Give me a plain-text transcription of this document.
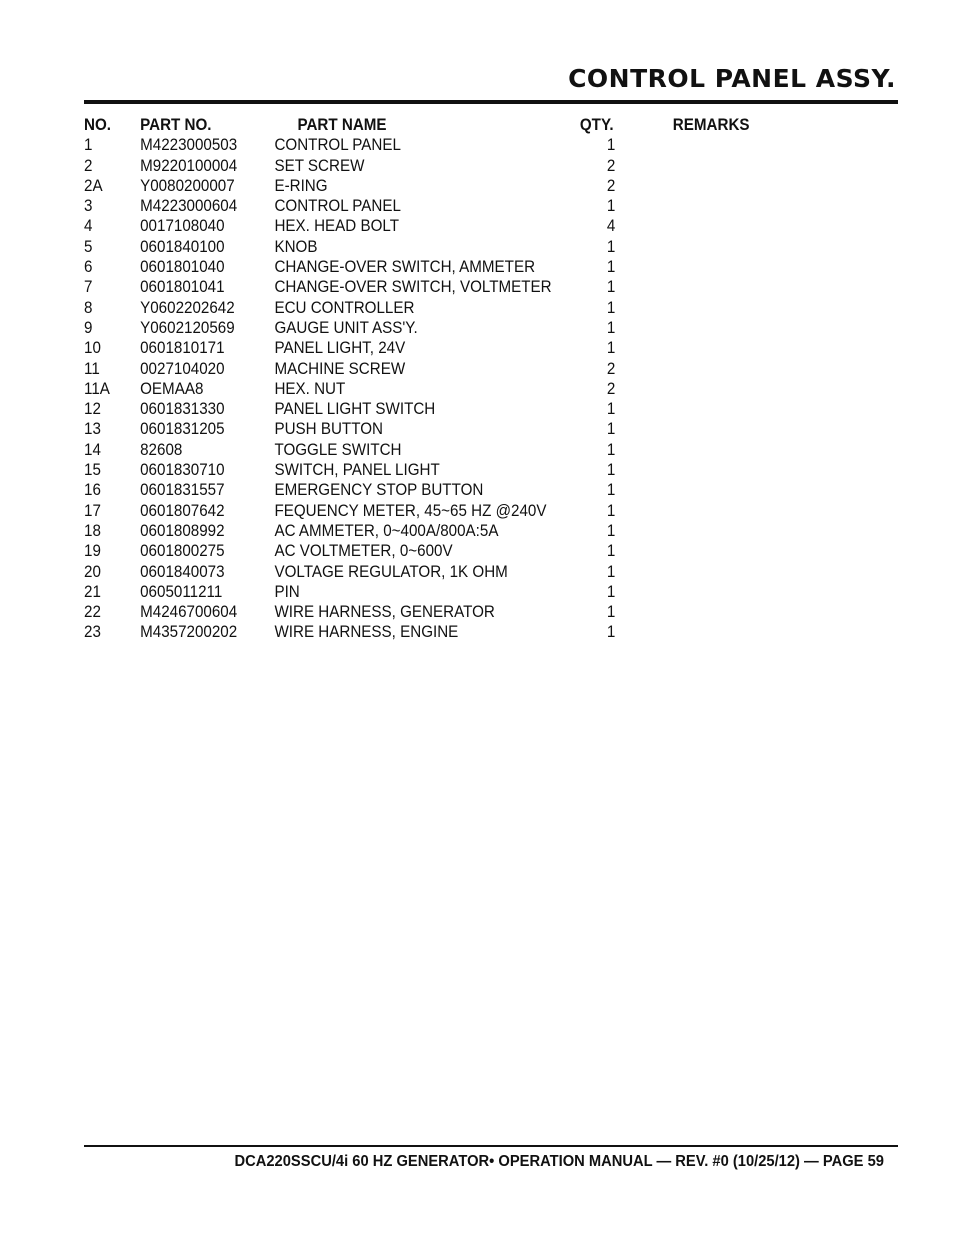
CONTROL PANEL ASSY.
NO. PART NO.	PART NAME	QTY.	REMARKS
1	M4223000503 CONTROL PANEL	1
2	M9220100004 SET SCREW	2
2A Y0080200007 E-RING	2
3	M4223000604 CONTROL PANEL	1
4	0017108040	HEX. HEAD BOLT	4
5	0601840100	KNOB	1
6	0601801040	CHANGE-OVER SWITCH, AMMETER	1
7	0601801041	CHANGE-OVER SWITCH, VOLTMETER	1
8	Y0602202642 ECU CONTROLLER	1
9	Y0602120569 GAUGE UNIT ASS'Y.	1
10 0601810171	PANEL LIGHT, 24V	1
11 0027104020	MACHINE SCREW	2
11A OEMAA8	HEX. NUT	2
12 0601831330	PANEL LIGHT SWITCH	1
13 0601831205	PUSH BUTTON	1
14 82608	TOGGLE SWITCH	1
15 0601830710	SWITCH, PANEL LIGHT	1
16 0601831557	EMERGENCY STOP BUTTON	1
17 0601807642	FEQUENCY METER, 45~65 HZ @240V	1
18 0601808992	AC AMMETER, 0~400A/800A:5A	1
19 0601800275	AC VOLTMETER, 0~600V	1
20 0601840073	VOLTAGE REGULATOR, 1K OHM	1
21 0605011211	PIN	1
22 M4246700604 WIRE HARNESS, GENERATOR	1
23 M4357200202 WIRE HARNESS, ENGINE	1
DCA220SSCU/4i 60 HZ GENERATOR• OPERATION MANUAL — REV. #0 (10/25/12) — PAGE 59
